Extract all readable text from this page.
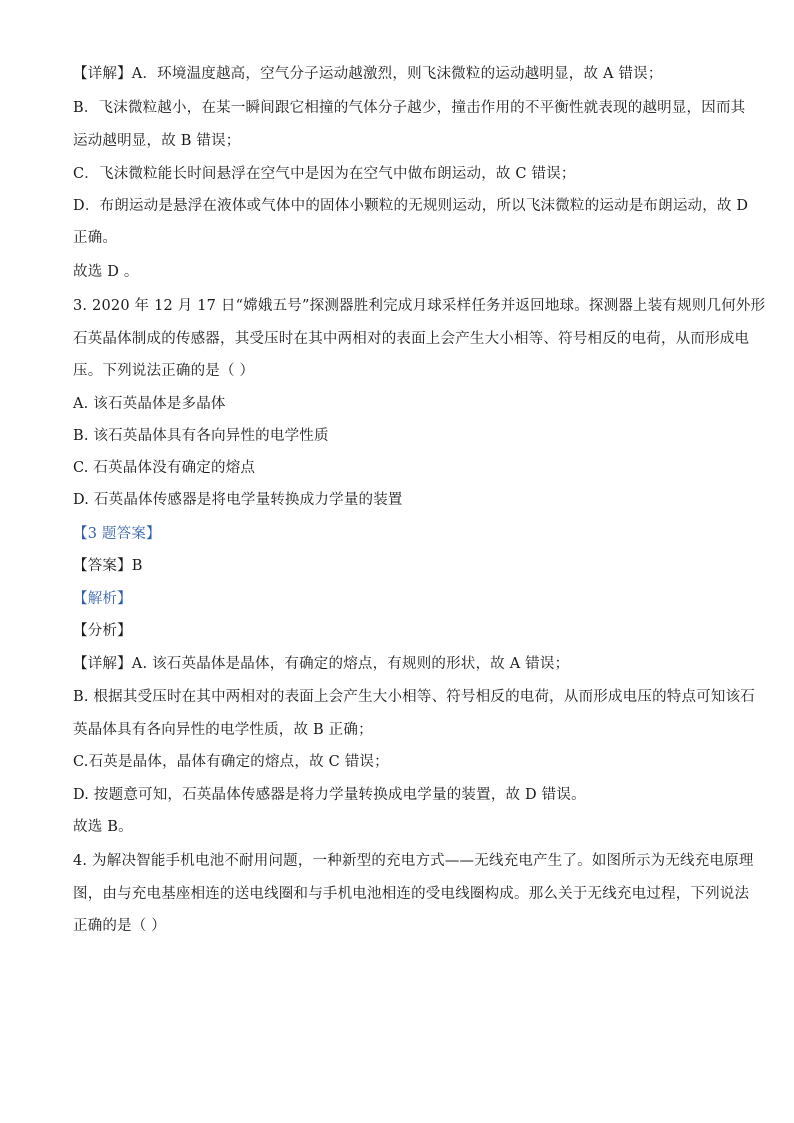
【详解】A．环境温度越高，空气分子运动越激烈，则飞沫微粒的运动越明显，故 A 错误；
B．飞沫微粒越小，在某一瞬间跟它相撞的气体分子越少，撞击作用的不平衡性就表现的越明显，因而其
运动越明显，故 B 错误；
C．飞沫微粒能长时间悬浮在空气中是因为在空气中做布朗运动，故 C 错误；
D．布朗运动是悬浮在液体或气体中的固体小颗粒的无规则运动，所以飞沫微粒的运动是布朗运动，故 D
正确。
故选 D 。
3. 2020 年 12 月 17 日“嫦娥五号”探测器胜利完成月球采样任务并返回地球。探测器上装有规则几何外形
石英晶体制成的传感器，其受压时在其中两相对的表面上会产生大小相等、符号相反的电荷，从而形成电
压。下列说法正确的是（ ）
A. 该石英晶体是多晶体
B. 该石英晶体具有各向异性的电学性质
C. 石英晶体没有确定的熔点
D. 石英晶体传感器是将电学量转换成力学量的装置
【3 题答案】
【答案】B
【解析】
【分析】
【详解】A. 该石英晶体是晶体，有确定的熔点，有规则的形状，故 A 错误；
B. 根据其受压时在其中两相对的表面上会产生大小相等、符号相反的电荷，从而形成电压的特点可知该石
英晶体具有各向异性的电学性质，故 B 正确；
C.石英是晶体，晶体有确定的熔点，故 C 错误；
D. 按题意可知，石英晶体传感器是将力学量转换成电学量的装置，故 D 错误。
故选 B。
4. 为解决智能手机电池不耐用问题，一种新型的充电方式——无线充电产生了。如图所示为无线充电原理
图，由与充电基座相连的送电线圈和与手机电池相连的受电线圈构成。那么关于无线充电过程，下列说法
正确的是（ ）
